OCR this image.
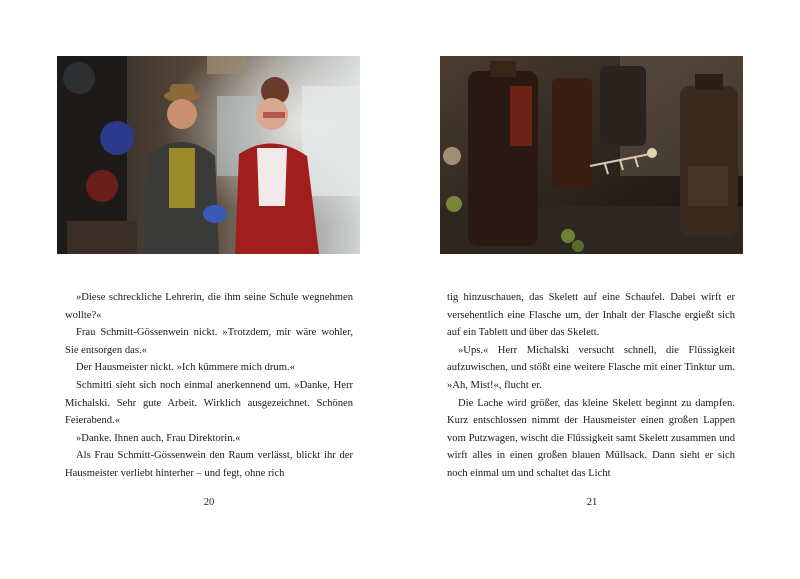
»Diese schreckliche Lehrerin, die ihm seine Schule wegnehmen wollte?«

Frau Schmitt-Gössenwein nickt. »Trotzdem, mir wäre wohler, Sie entsorgen das.«

Der Hausmeister nickt. »Ich kümmere mich drum.«

Schmitti sieht sich noch einmal anerkennend um. »Danke, Herr Michalski. Sehr gute Arbeit. Wirklich ausgezeichnet. Schönen Feierabend.«

»Danke. Ihnen auch, Frau Direktorin.«

Als Frau Schmitt-Gössenwein den Raum verlässt, blickt ihr der Hausmeister verliebt hinterher – und fegt, ohne rich

20

tig hinzuschauen, das Skelett auf eine Schaufel. Dabei wirft er versehentlich eine Flasche um, der Inhalt der Flasche ergießt sich auf ein Tablett und über das Skelett.

»Ups.« Herr Michalski versucht schnell, die Flüssigkeit aufzuwischen, und stößt eine weitere Flasche mit einer Tinktur um. »Ah, Mist!«, flucht er.

Die Lache wird größer, das kleine Skelett beginnt zu dampfen. Kurz entschlossen nimmt der Hausmeister einen großen Lappen vom Putzwagen, wischt die Flüssigkeit samt Skelett zusammen und wirft alles in einen großen blauen Müllsack. Dann sieht er sich noch einmal um und schaltet das Licht

21
